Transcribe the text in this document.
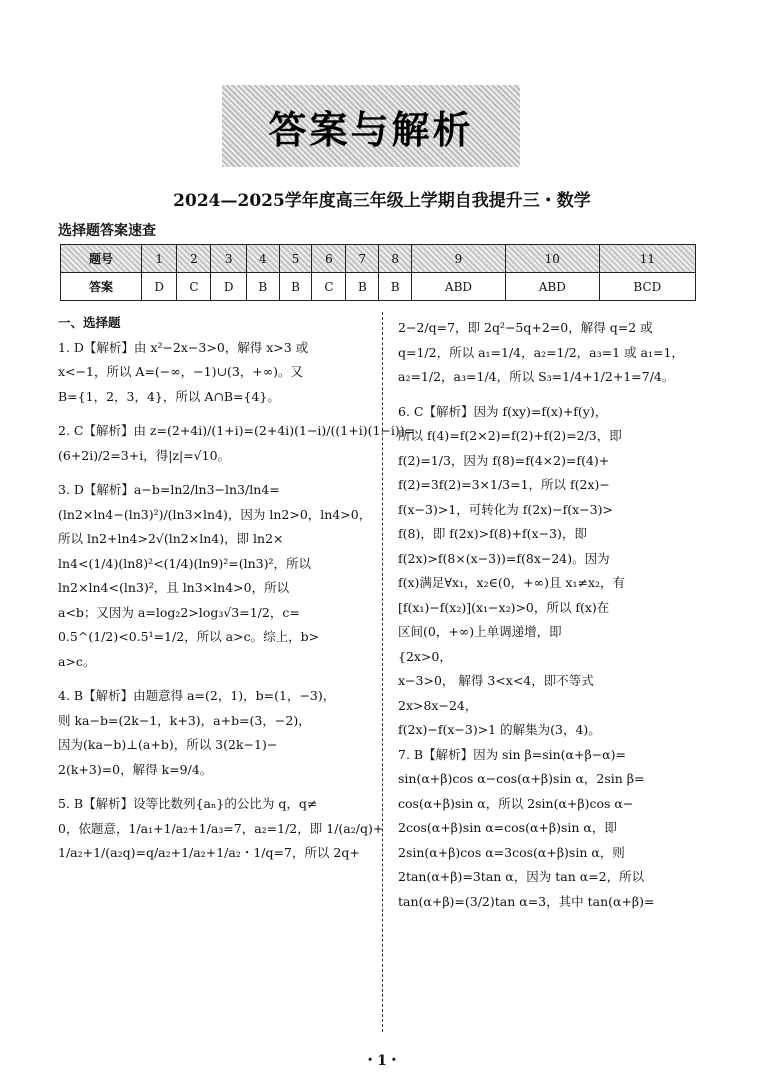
答案与解析
2024—2025学年度高三年级上学期自我提升三・数学
选择题答案速查
题号	1	2	3	4	5	6	7	8	9	10	11
答案	D	C	D	B	B	C	B	B	ABD	ABD	BCD

一、选择题

1. D【解析】由 x²−2x−3>0，解得 x>3 或

x<−1，所以 A=(−∞，−1)∪(3，+∞)。又

B={1，2，3，4}，所以 A∩B={4}。

2. C【解析】由 z=(2+4i)/(1+i)=(2+4i)(1−i)/((1+i)(1−i))=

(6+2i)/2=3+i，得|z|=√10。

3. D【解析】a−b=ln2/ln3−ln3/ln4=

(ln2×ln4−(ln3)²)/(ln3×ln4)，因为 ln2>0，ln4>0，

所以 ln2+ln4>2√(ln2×ln4)，即 ln2×

ln4<(1/4)(ln8)²<(1/4)(ln9)²=(ln3)²，所以

ln2×ln4<(ln3)²，且 ln3×ln4>0，所以

a<b；又因为 a=log₂2>log₃√3=1/2，c=

0.5^(1/2)<0.5¹=1/2，所以 a>c。综上，b>

a>c。

4. B【解析】由题意得 a=(2，1)，b=(1，−3)，

则 ka−b=(2k−1，k+3)，a+b=(3，−2)，

因为(ka−b)⊥(a+b)，所以 3(2k−1)−

2(k+3)=0，解得 k=9/4。

5. B【解析】设等比数列{aₙ}的公比为 q，q≠

0，依题意，1/a₁+1/a₂+1/a₃=7，a₂=1/2，即 1/(a₂/q)+

1/a₂+1/(a₂q)=q/a₂+1/a₂+1/a₂・1/q=7，所以 2q+

2−2/q=7，即 2q²−5q+2=0，解得 q=2 或

q=1/2，所以 a₁=1/4，a₂=1/2，a₃=1 或 a₁=1，

a₂=1/2，a₃=1/4，所以 S₃=1/4+1/2+1=7/4。

6. C【解析】因为 f(xy)=f(x)+f(y)，

所以 f(4)=f(2×2)=f(2)+f(2)=2/3，即

f(2)=1/3，因为 f(8)=f(4×2)=f(4)+

f(2)=3f(2)=3×1/3=1，所以 f(2x)−

f(x−3)>1，可转化为 f(2x)−f(x−3)>

f(8)，即 f(2x)>f(8)+f(x−3)，即

f(2x)>f(8×(x−3))=f(8x−24)。因为

f(x)满足∀x₁，x₂∈(0，+∞)且 x₁≠x₂，有

[f(x₁)−f(x₂)](x₁−x₂)>0，所以 f(x)在

区间(0，+∞)上单调递增，即

{2x>0，

x−3>0， 解得 3<x<4，即不等式

2x>8x−24，

f(2x)−f(x−3)>1 的解集为(3，4)。

7. B【解析】因为 sin β=sin(α+β−α)=

sin(α+β)cos α−cos(α+β)sin α，2sin β=

cos(α+β)sin α，所以 2sin(α+β)cos α−

2cos(α+β)sin α=cos(α+β)sin α，即

2sin(α+β)cos α=3cos(α+β)sin α，则

2tan(α+β)=3tan α，因为 tan α=2，所以

tan(α+β)=(3/2)tan α=3，其中 tan(α+β)=

・1・
